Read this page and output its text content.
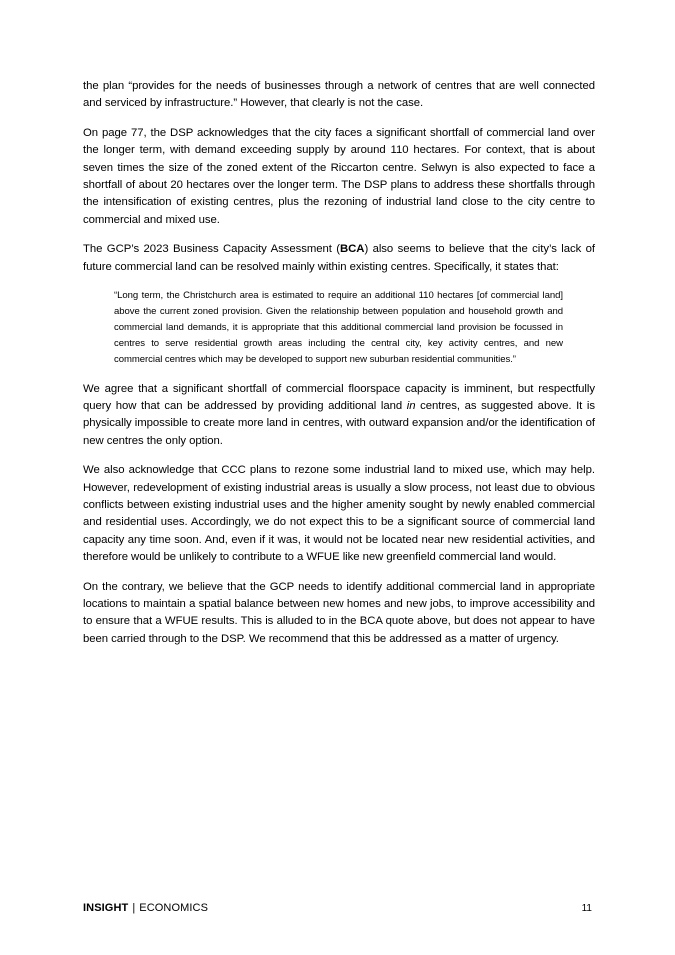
the plan “provides for the needs of businesses through a network of centres that are well connected and serviced by infrastructure.” However, that clearly is not the case.

On page 77, the DSP acknowledges that the city faces a significant shortfall of commercial land over the longer term, with demand exceeding supply by around 110 hectares. For context, that is about seven times the size of the zoned extent of the Riccarton centre. Selwyn is also expected to face a shortfall of about 20 hectares over the longer term. The DSP plans to address these shortfalls through the intensification of existing centres, plus the rezoning of industrial land close to the city centre to commercial and mixed use.

The GCP’s 2023 Business Capacity Assessment (BCA) also seems to believe that the city’s lack of future commercial land can be resolved mainly within existing centres. Specifically, it states that:

“Long term, the Christchurch area is estimated to require an additional 110 hectares [of commercial land] above the current zoned provision. Given the relationship between population and household growth and commercial land demands, it is appropriate that this additional commercial land provision be focussed in centres to serve residential growth areas including the central city, key activity centres, and new commercial centres which may be developed to support new suburban residential communities.”

We agree that a significant shortfall of commercial floorspace capacity is imminent, but respectfully query how that can be addressed by providing additional land in centres, as suggested above. It is physically impossible to create more land in centres, with outward expansion and/or the identification of new centres the only option.

We also acknowledge that CCC plans to rezone some industrial land to mixed use, which may help. However, redevelopment of existing industrial areas is usually a slow process, not least due to obvious conflicts between existing industrial uses and the higher amenity sought by newly enabled commercial and residential uses. Accordingly, we do not expect this to be a significant source of commercial land capacity any time soon. And, even if it was, it would not be located near new residential activities, and therefore would be unlikely to contribute to a WFUE like new greenfield commercial land would.

On the contrary, we believe that the GCP needs to identify additional commercial land in appropriate locations to maintain a spatial balance between new homes and new jobs, to improve accessibility and to ensure that a WFUE results. This is alluded to in the BCA quote above, but does not appear to have been carried through to the DSP. We recommend that this be addressed as a matter of urgency.

INSIGHT | ECONOMICS	11
